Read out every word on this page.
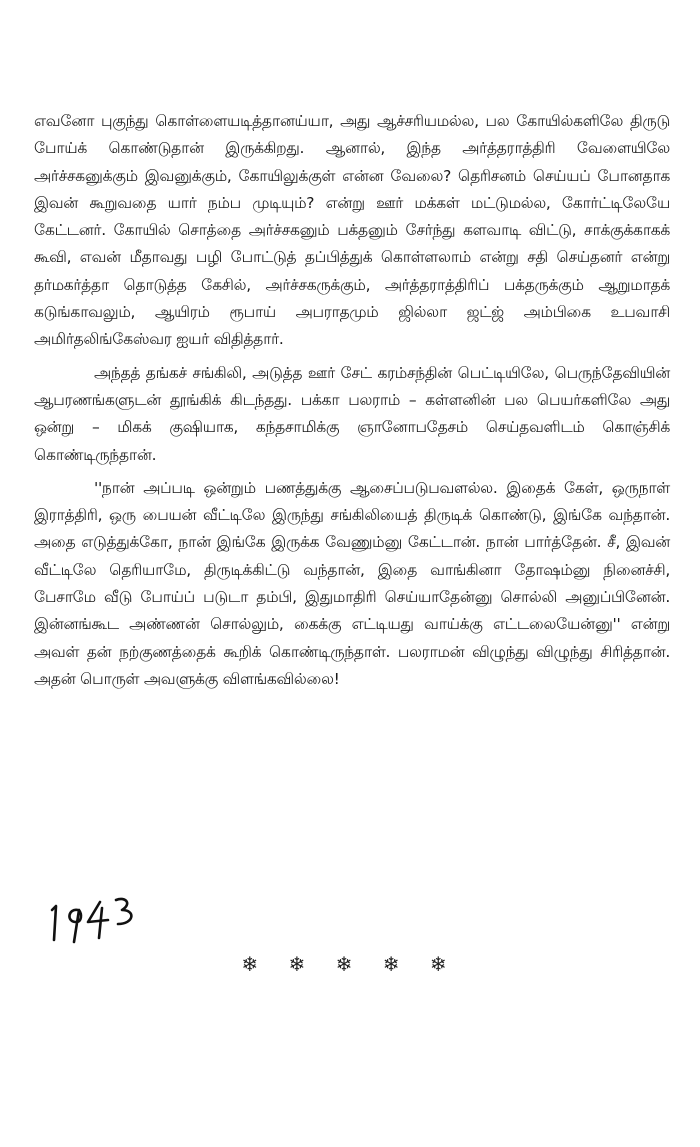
எவனோ புகுந்து கொள்ளையடித்தானய்யா, அது ஆச்சரியமல்ல, பல கோயில்களிலே திருடு போய்க் கொண்டுதான் இருக்கிறது. ஆனால், இந்த அர்த்தராத்திரி வேளையிலே அர்ச்சகனுக்கும் இவனுக்கும், கோயிலுக்குள் என்ன வேலை? தெரிசனம் செய்யப் போனதாக இவன் கூறுவதை யார் நம்ப முடியும்? என்று ஊர் மக்கள் மட்டுமல்ல, கோர்ட்டிலேயே கேட்டனர். கோயில் சொத்தை அர்ச்சகனும் பக்தனும் சேர்ந்து களவாடி விட்டு, சாக்குக்காகக் கூவி, எவன் மீதாவது பழி போட்டுத் தப்பித்துக் கொள்ளலாம் என்று சதி செய்தனர் என்று தர்மகர்த்தா தொடுத்த கேசில், அர்ச்சகருக்கும், அர்த்தராத்திரிப் பக்தருக்கும் ஆறுமாதக் கடுங்காவலும், ஆயிரம் ரூபாய் அபராதமும் ஜில்லா ஜட்ஜ் அம்பிகை உபவாசி அமிர்தலிங்கேஸ்வர ஐயர் விதித்தார்.

அந்தத் தங்கச் சங்கிலி, அடுத்த ஊர் சேட் கரம்சந்தின் பெட்டியிலே, பெருந்தேவியின் ஆபரணங்களுடன் தூங்கிக் கிடந்தது. பக்கா பலராம் – கள்ளனின் பல பெயர்களிலே அது ஒன்று – மிகக் குஷியாக, கந்தசாமிக்கு ஞானோபதேசம் செய்தவளிடம் கொஞ்சிக் கொண்டிருந்தான்.

''நான் அப்படி ஒன்றும் பணத்துக்கு ஆசைப்படுபவளல்ல. இதைக் கேள், ஒருநாள் இராத்திரி, ஒரு பையன் வீட்டிலே இருந்து சங்கிலியைத் திருடிக் கொண்டு, இங்கே வந்தான். அதை எடுத்துக்கோ, நான் இங்கே இருக்க வேணும்னு கேட்டான். நான் பார்த்தேன். சீ, இவன் வீட்டிலே தெரியாமே, திருடிக்கிட்டு வந்தான், இதை வாங்கினா தோஷம்னு நினைச்சி, பேசாமே வீடு போய்ப் படுடா தம்பி, இதுமாதிரி செய்யாதேன்னு சொல்லி அனுப்பினேன். இன்னங்கூட அண்ணன் சொல்லும், கைக்கு எட்டியது வாய்க்கு எட்டலையேன்னு'' என்று அவள் தன் நற்குணத்தைக் கூறிக் கொண்டிருந்தாள். பலராமன் விழுந்து விழுந்து சிரித்தான். அதன் பொருள் அவளுக்கு விளங்கவில்லை!

❄ ❄ ❄ ❄ ❄
